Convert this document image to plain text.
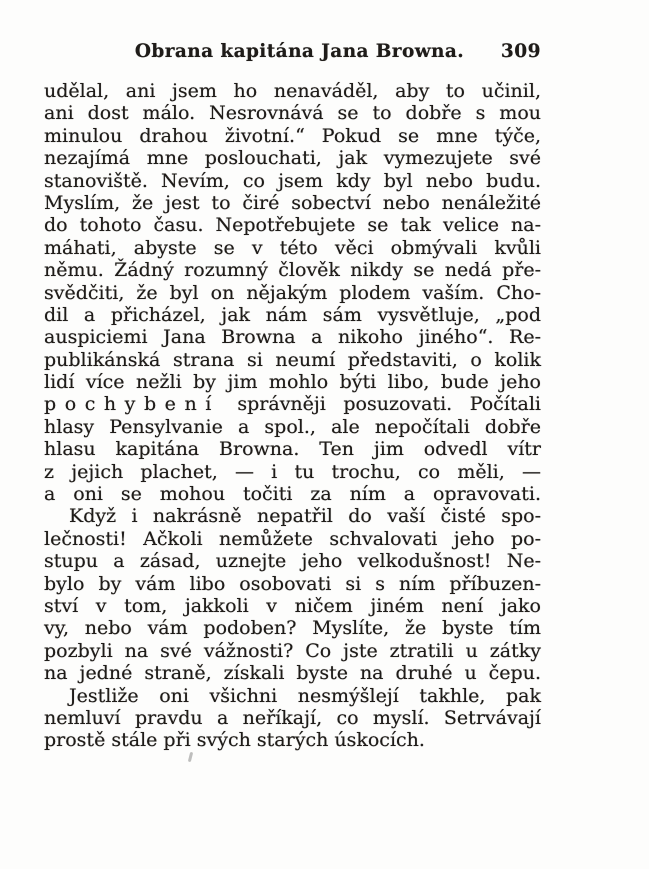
Obrana kapitána Jana Browna.	309
udělal, ani jsem ho nenaváděl, aby to učinil,
ani dost málo. Nesrovnává se to dobře s mou
minulou drahou životní.“ Pokud se mne týče,
nezajímá mne poslouchati, jak vymezujete své
stanoviště. Nevím, co jsem kdy byl nebo budu.
Myslím, že jest to čiré sobectví nebo nenáležité
do tohoto času. Nepotřebujete se tak velice na-
máhati, abyste se v této věci obmývali kvůli
němu. Žádný rozumný člověk nikdy se nedá pře-
svědčiti, že byl on nějakým plodem vaším. Cho-
dil a přicházel, jak nám sám vysvětluje, „pod
auspiciemi Jana Browna a nikoho jiného“. Re-
publikánská strana si neumí představiti, o kolik
lidí více nežli by jim mohlo býti libo, bude jeho
pochybení správněji posuzovati. Počítali
hlasy Pensylvanie a spol., ale nepočítali dobře
hlasu kapitána Browna. Ten jim odvedl vítr
z jejich plachet, — i tu trochu, co měli, —
a oni se mohou točiti za ním a opravovati.
Když i nakrásně nepatřil do vaší čisté spo-
lečnosti! Ačkoli nemůžete schvalovati jeho po-
stupu a zásad, uznejte jeho velkodušnost! Ne-
bylo by vám libo osobovati si s ním příbuzen-
ství v tom, jakkoli v ničem jiném není jako
vy, nebo vám podoben? Myslíte, že byste tím
pozbyli na své vážnosti? Co jste ztratili u zátky
na jedné straně, získali byste na druhé u čepu.
Jestliže oni všichni nesmýšlejí takhle, pak
nemluví pravdu a neříkají, co myslí. Setrvávají
prostě stále při svých starých úskocích.
